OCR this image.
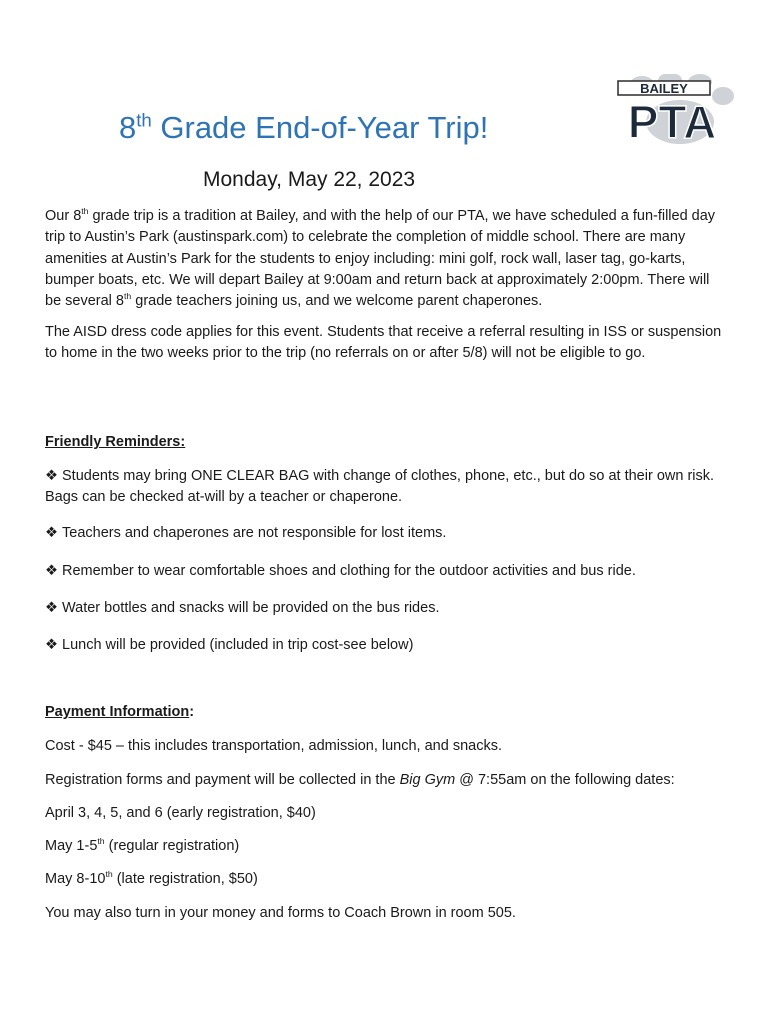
BAILEY
PTA
8th Grade End-of-Year Trip!
Monday, May 22, 2023

Our 8th grade trip is a tradition at Bailey, and with the help of our PTA, we have scheduled a fun-filled day trip to Austin’s Park (austinspark.com) to celebrate the completion of middle school. There are many amenities at Austin’s Park for the students to enjoy including: mini golf, rock wall, laser tag, go-karts, bumper boats, etc. We will depart Bailey at 9:00am and return back at approximately 2:00pm. There will be several 8th grade teachers joining us, and we welcome parent chaperones.

The AISD dress code applies for this event. Students that receive a referral resulting in ISS or suspension to home in the two weeks prior to the trip (no referrals on or after 5/8) will not be eligible to go.

Friendly Reminders:

❖ Students may bring ONE CLEAR BAG with change of clothes, phone, etc., but do so at their own risk. Bags can be checked at-will by a teacher or chaperone.

❖ Teachers and chaperones are not responsible for lost items.

❖ Remember to wear comfortable shoes and clothing for the outdoor activities and bus ride.

❖ Water bottles and snacks will be provided on the bus rides.

❖ Lunch will be provided (included in trip cost-see below)

Payment Information:

Cost - $45 – this includes transportation, admission, lunch, and snacks.

Registration forms and payment will be collected in the Big Gym @ 7:55am on the following dates:

April 3, 4, 5, and 6 (early registration, $40)

May 1-5th (regular registration)

May 8-10th (late registration, $50)

You may also turn in your money and forms to Coach Brown in room 505.
